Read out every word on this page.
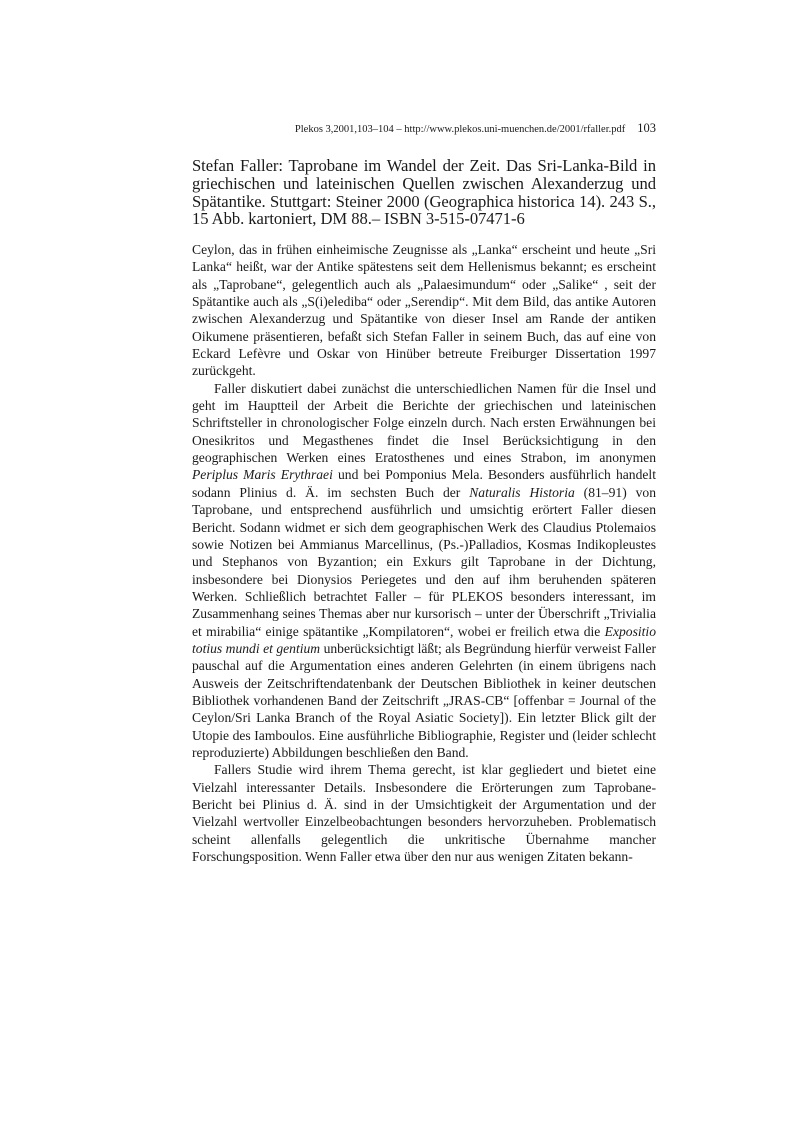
Plekos 3,2001,103–104 – http://www.plekos.uni-muenchen.de/2001/rfaller.pdf 103
Stefan Faller: Taprobane im Wandel der Zeit. Das Sri-Lanka-Bild in griechischen und lateinischen Quellen zwischen Alexanderzug und Spätantike. Stuttgart: Steiner 2000 (Geographica historica 14). 243 S., 15 Abb. kartoniert, DM 88.– ISBN 3-515-07471-6

Ceylon, das in frühen einheimische Zeugnisse als „Lanka“ erscheint und heute „Sri Lanka“ heißt, war der Antike spätestens seit dem Hellenismus bekannt; es erscheint als „Taprobane“, gelegentlich auch als „Palaesimundum“ oder „Salike“ , seit der Spätantike auch als „S(i)elediba“ oder „Serendip“. Mit dem Bild, das antike Autoren zwischen Alexanderzug und Spätantike von dieser Insel am Rande der antiken Oikumene präsentieren, befaßt sich Stefan Faller in seinem Buch, das auf eine von Eckard Lefèvre und Oskar von Hinüber betreute Freiburger Dissertation 1997 zurückgeht.

Faller diskutiert dabei zunächst die unterschiedlichen Namen für die Insel und geht im Hauptteil der Arbeit die Berichte der griechischen und lateinischen Schriftsteller in chronologischer Folge einzeln durch. Nach ersten Erwähnungen bei Onesikritos und Megasthenes findet die Insel Berücksichtigung in den geographischen Werken eines Eratosthenes und eines Strabon, im anonymen Periplus Maris Erythraei und bei Pomponius Mela. Besonders ausführlich handelt sodann Plinius d. Ä. im sechsten Buch der Naturalis Historia (81–91) von Taprobane, und entsprechend ausführlich und umsichtig erörtert Faller diesen Bericht. Sodann widmet er sich dem geographischen Werk des Claudius Ptolemaios sowie Notizen bei Ammianus Marcellinus, (Ps.-)Palladios, Kosmas Indikopleustes und Stephanos von Byzantion; ein Exkurs gilt Taprobane in der Dichtung, insbesondere bei Dionysios Periegetes und den auf ihm beruhenden späteren Werken. Schließlich betrachtet Faller – für PLEKOS besonders interessant, im Zusammenhang seines Themas aber nur kursorisch – unter der Überschrift „Trivialia et mirabilia“ einige spätantike „Kompilatoren“, wobei er freilich etwa die Expositio totius mundi et gentium unberücksichtigt läßt; als Begründung hierfür verweist Faller pauschal auf die Argumentation eines anderen Gelehrten (in einem übrigens nach Ausweis der Zeitschriftendatenbank der Deutschen Bibliothek in keiner deutschen Bibliothek vorhandenen Band der Zeitschrift „JRAS-CB“ [offenbar = Journal of the Ceylon/Sri Lanka Branch of the Royal Asiatic Society]). Ein letzter Blick gilt der Utopie des Iamboulos. Eine ausführliche Bibliographie, Register und (leider schlecht reproduzierte) Abbildungen beschließen den Band.

Fallers Studie wird ihrem Thema gerecht, ist klar gegliedert und bietet eine Vielzahl interessanter Details. Insbesondere die Erörterungen zum Taprobane-Bericht bei Plinius d. Ä. sind in der Umsichtigkeit der Argumentation und der Vielzahl wertvoller Einzelbeobachtungen besonders hervorzuheben. Problematisch scheint allenfalls gelegentlich die unkritische Übernahme mancher Forschungsposition. Wenn Faller etwa über den nur aus wenigen Zitaten bekann-
